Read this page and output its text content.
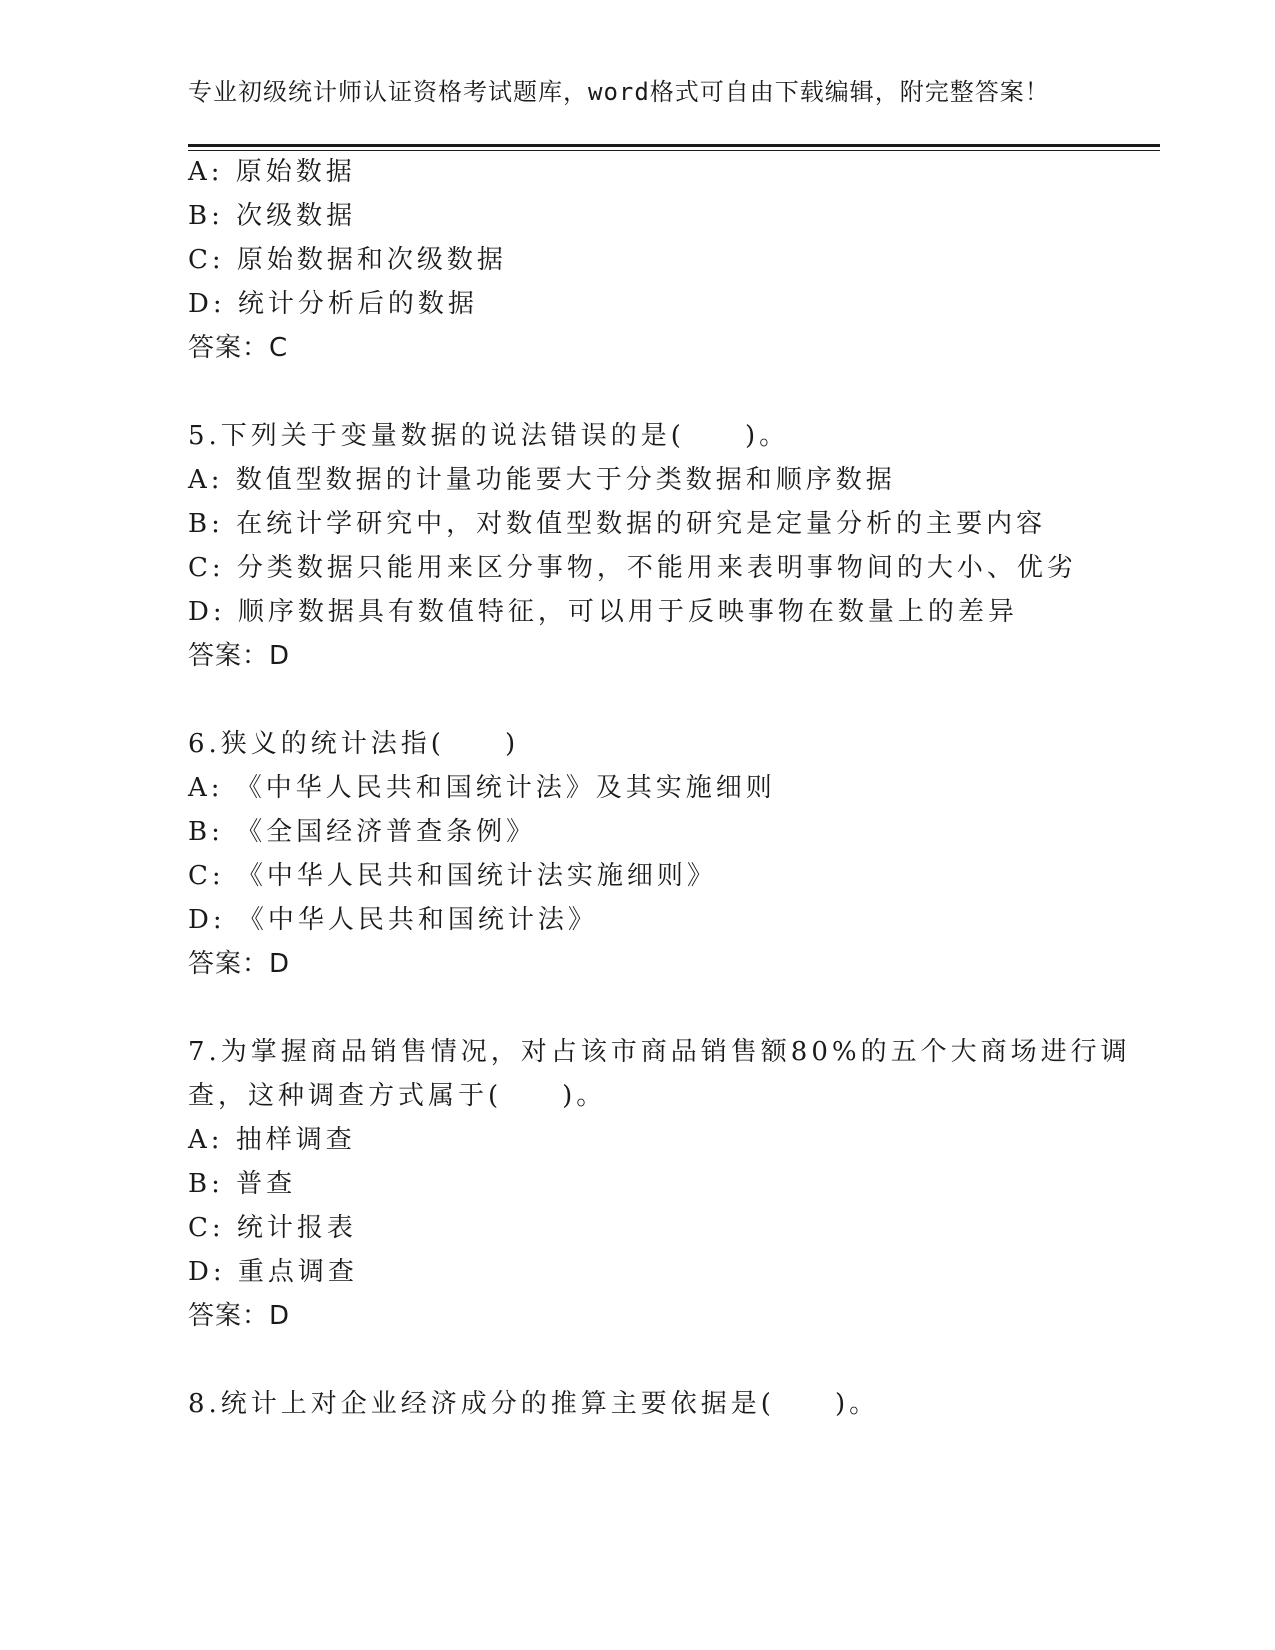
专业初级统计师认证资格考试题库，word格式可自由下载编辑，附完整答案！
A: 原始数据
B: 次级数据
C: 原始数据和次级数据
D: 统计分析后的数据
答案：C
5.下列关于变量数据的说法错误的是(　　)。
A: 数值型数据的计量功能要大于分类数据和顺序数据
B: 在统计学研究中，对数值型数据的研究是定量分析的主要内容
C: 分类数据只能用来区分事物，不能用来表明事物间的大小、优劣
D: 顺序数据具有数值特征，可以用于反映事物在数量上的差异
答案：D
6.狭义的统计法指(　　)
A: 《中华人民共和国统计法》及其实施细则
B: 《全国经济普查条例》
C: 《中华人民共和国统计法实施细则》
D: 《中华人民共和国统计法》
答案：D
7.为掌握商品销售情况，对占该市商品销售额80%的五个大商场进行调
查，这种调查方式属于(　　)。
A: 抽样调查
B: 普查
C: 统计报表
D: 重点调查
答案：D
8.统计上对企业经济成分的推算主要依据是(　　)。
